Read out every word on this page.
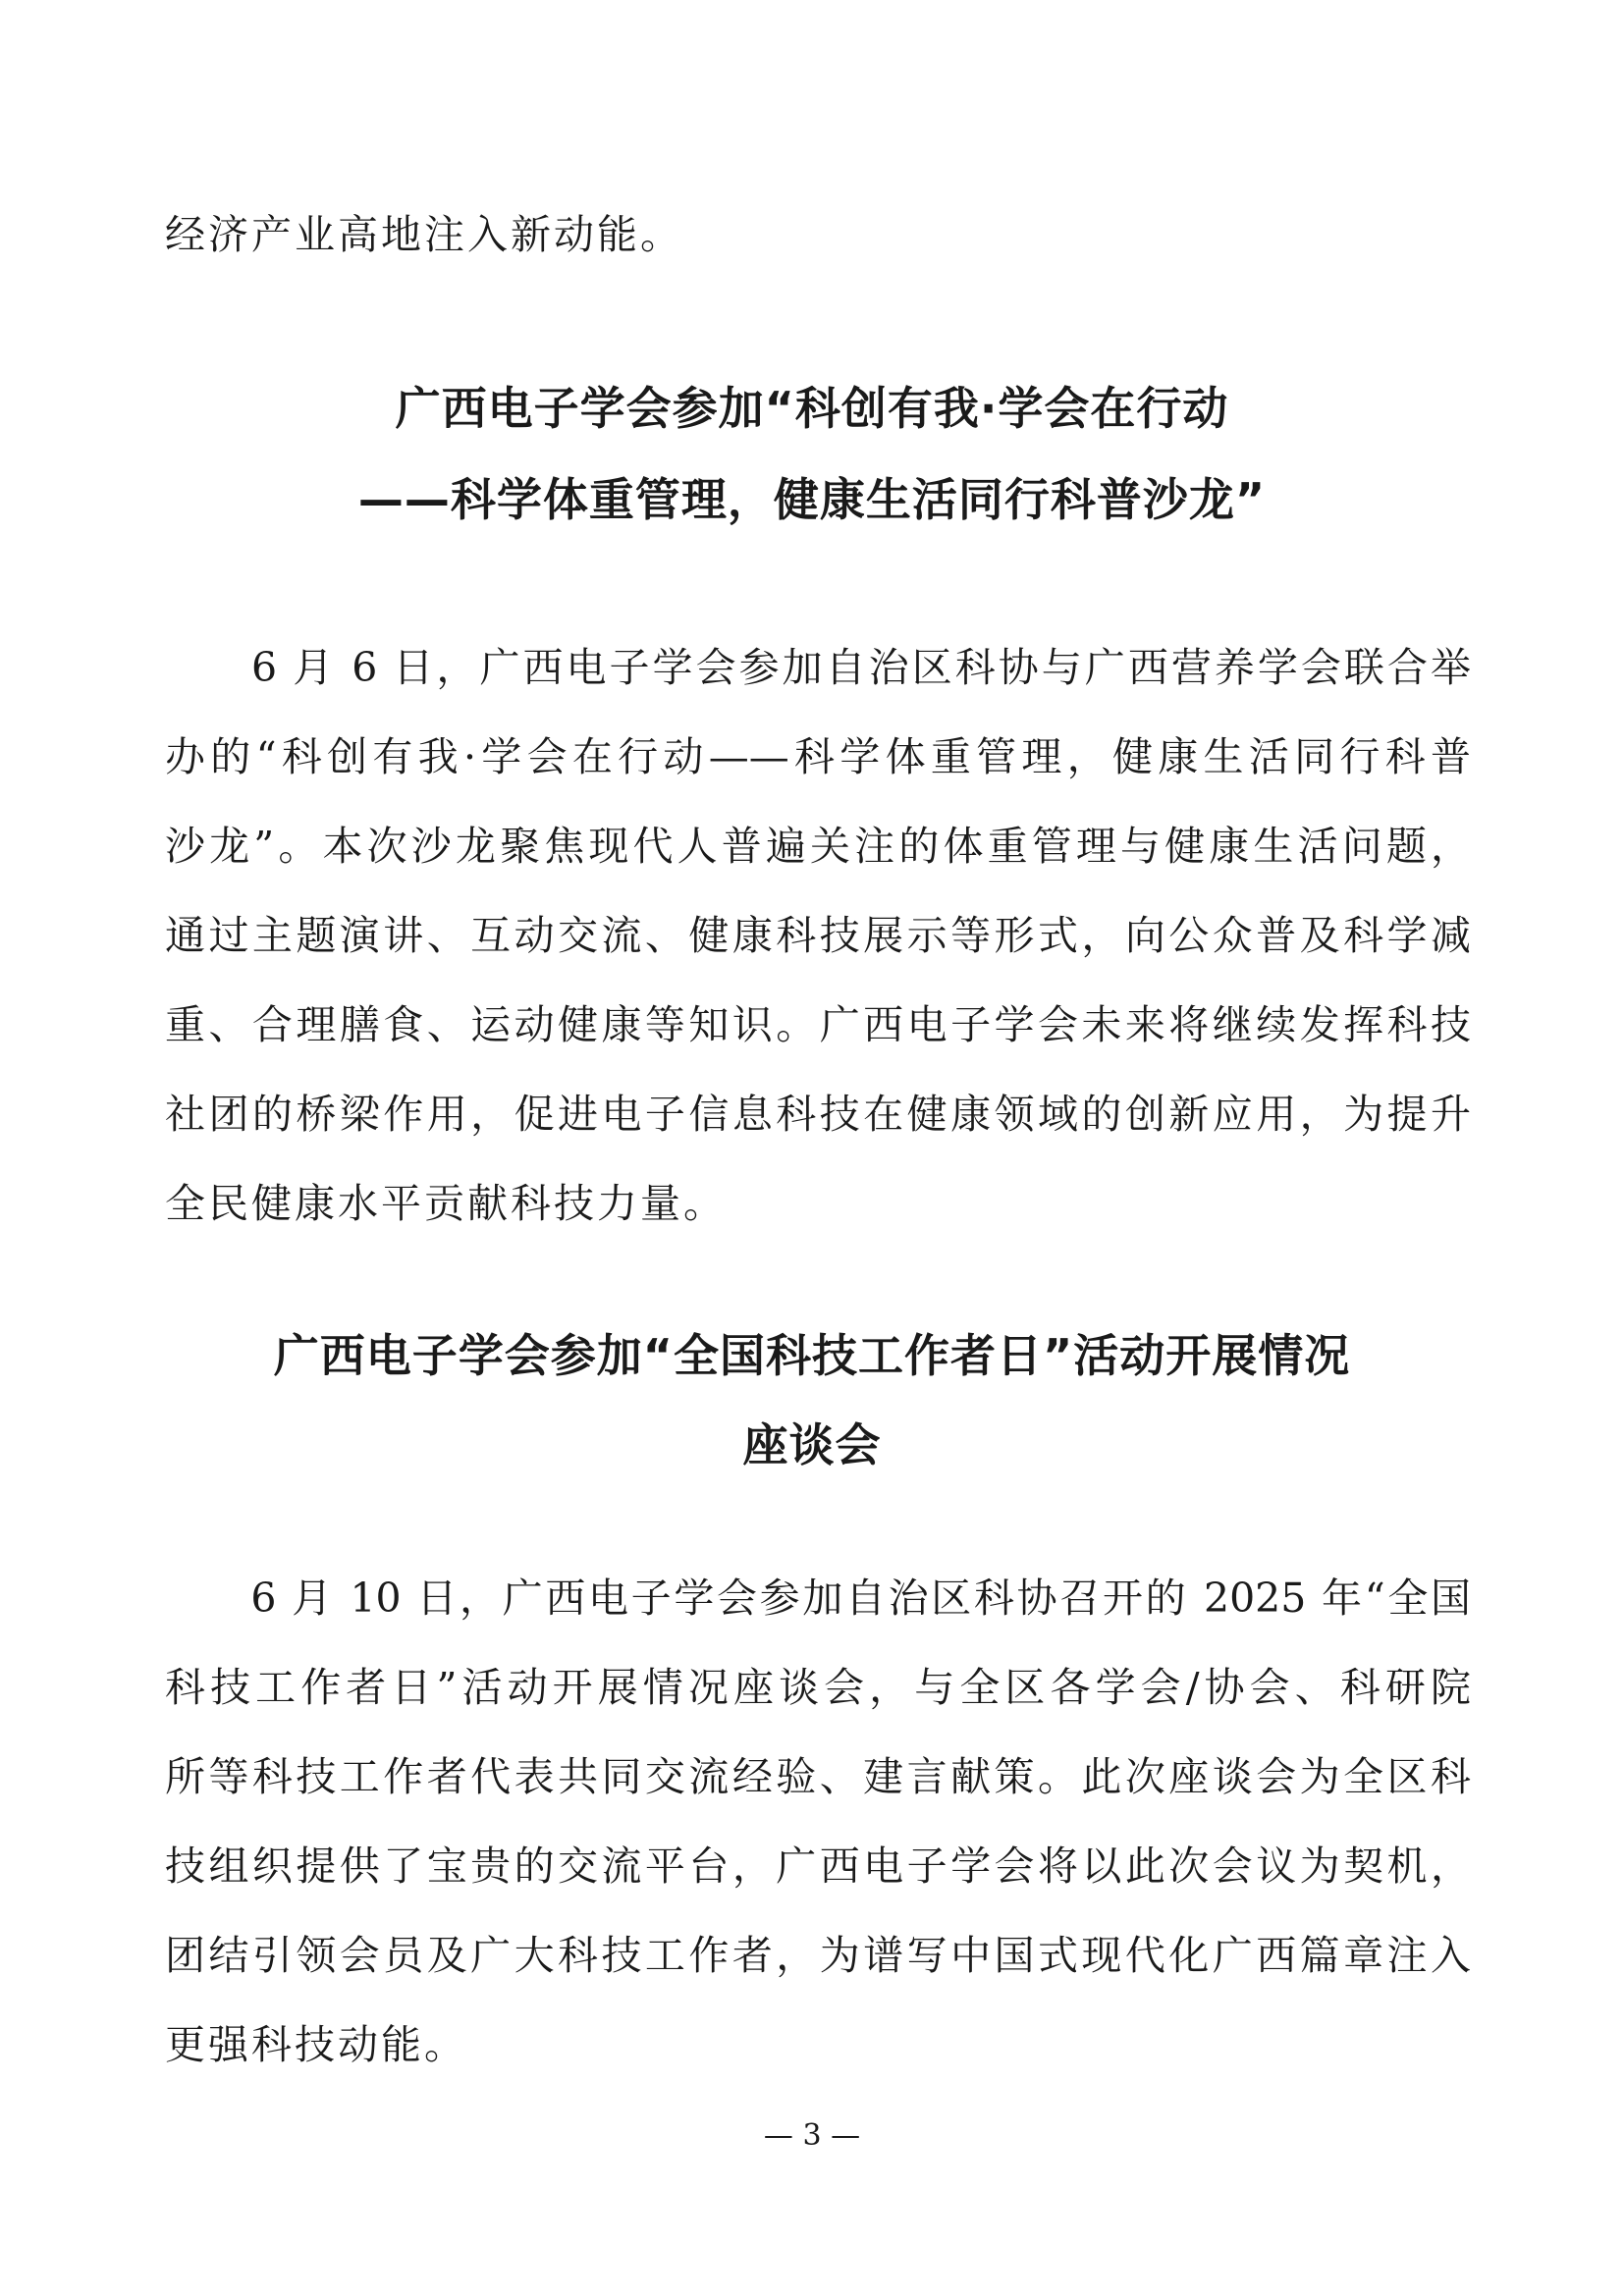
经济产业高地注入新动能。

广西电子学会参加“科创有我·学会在行动
——科学体重管理，健康生活同行科普沙龙”

　　6 月 6 日，广西电子学会参加自治区科协与广西营养学会联合举

办的“科创有我·学会在行动——科学体重管理，健康生活同行科普

沙龙”。本次沙龙聚焦现代人普遍关注的体重管理与健康生活问题，

通过主题演讲、互动交流、健康科技展示等形式，向公众普及科学减

重、合理膳食、运动健康等知识。广西电子学会未来将继续发挥科技

社团的桥梁作用，促进电子信息科技在健康领域的创新应用，为提升

全民健康水平贡献科技力量。

广西电子学会参加“全国科技工作者日”活动开展情况
座谈会

　　6 月 10 日，广西电子学会参加自治区科协召开的 2025 年“全国

科技工作者日”活动开展情况座谈会，与全区各学会/协会、科研院

所等科技工作者代表共同交流经验、建言献策。此次座谈会为全区科

技组织提供了宝贵的交流平台，广西电子学会将以此次会议为契机，

团结引领会员及广大科技工作者，为谱写中国式现代化广西篇章注入

更强科技动能。

— 3 —
